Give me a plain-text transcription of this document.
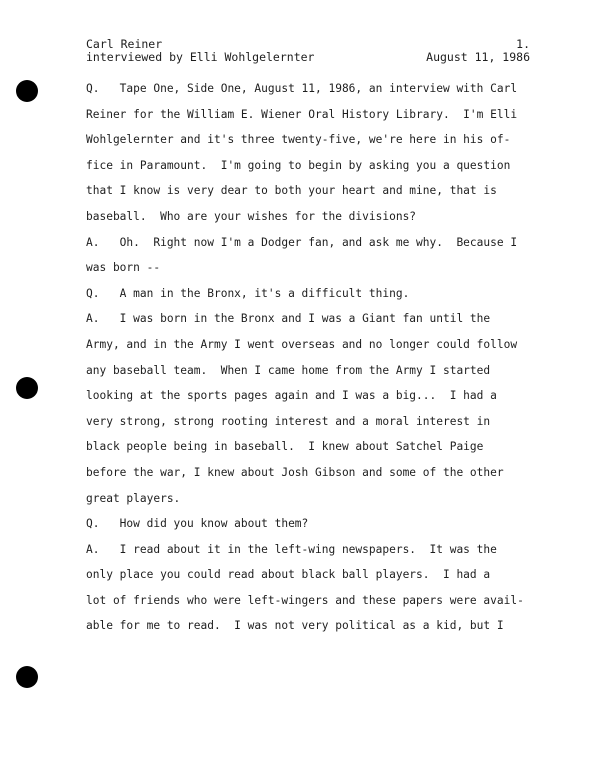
Carl Reiner	1.
interviewed by Elli Wohlgelernter	August 11, 1986
Q.   Tape One, Side One, August 11, 1986, an interview with Carl
Reiner for the William E. Wiener Oral History Library.  I'm Elli
Wohlgelernter and it's three twenty-five, we're here in his of-
fice in Paramount.  I'm going to begin by asking you a question
that I know is very dear to both your heart and mine, that is
baseball.  Who are your wishes for the divisions?
A.   Oh.  Right now I'm a Dodger fan, and ask me why.  Because I
was born --
Q.   A man in the Bronx, it's a difficult thing.
A.   I was born in the Bronx and I was a Giant fan until the
Army, and in the Army I went overseas and no longer could follow
any baseball team.  When I came home from the Army I started
looking at the sports pages again and I was a big...  I had a
very strong, strong rooting interest and a moral interest in
black people being in baseball.  I knew about Satchel Paige
before the war, I knew about Josh Gibson and some of the other
great players.
Q.   How did you know about them?
A.   I read about it in the left-wing newspapers.  It was the
only place you could read about black ball players.  I had a
lot of friends who were left-wingers and these papers were avail-
able for me to read.  I was not very political as a kid, but I
